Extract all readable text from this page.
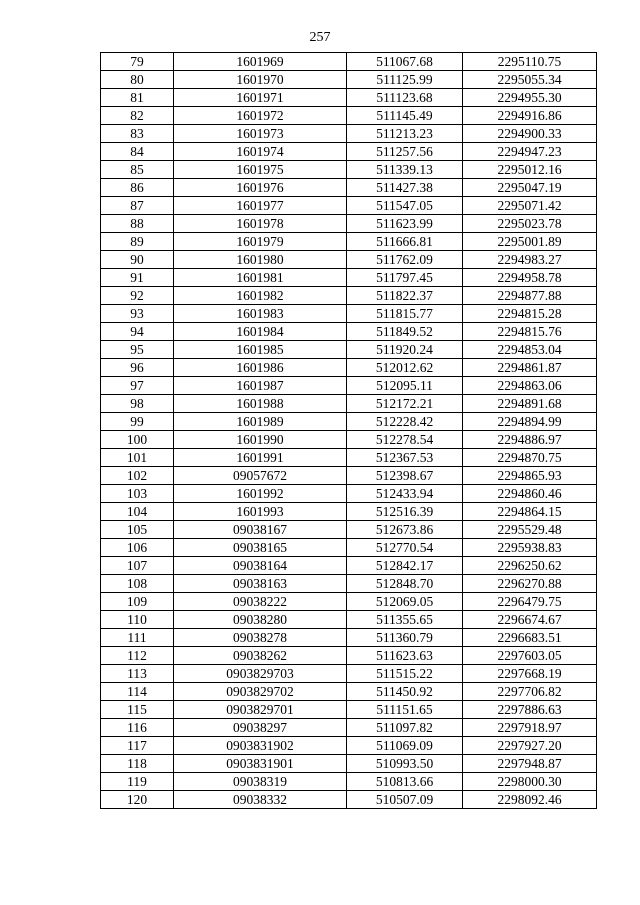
257
79	1601969	511067.68	2295110.75
80	1601970	511125.99	2295055.34
81	1601971	511123.68	2294955.30
82	1601972	511145.49	2294916.86
83	1601973	511213.23	2294900.33
84	1601974	511257.56	2294947.23
85	1601975	511339.13	2295012.16
86	1601976	511427.38	2295047.19
87	1601977	511547.05	2295071.42
88	1601978	511623.99	2295023.78
89	1601979	511666.81	2295001.89
90	1601980	511762.09	2294983.27
91	1601981	511797.45	2294958.78
92	1601982	511822.37	2294877.88
93	1601983	511815.77	2294815.28
94	1601984	511849.52	2294815.76
95	1601985	511920.24	2294853.04
96	1601986	512012.62	2294861.87
97	1601987	512095.11	2294863.06
98	1601988	512172.21	2294891.68
99	1601989	512228.42	2294894.99
100	1601990	512278.54	2294886.97
101	1601991	512367.53	2294870.75
102	09057672	512398.67	2294865.93
103	1601992	512433.94	2294860.46
104	1601993	512516.39	2294864.15
105	09038167	512673.86	2295529.48
106	09038165	512770.54	2295938.83
107	09038164	512842.17	2296250.62
108	09038163	512848.70	2296270.88
109	09038222	512069.05	2296479.75
110	09038280	511355.65	2296674.67
111	09038278	511360.79	2296683.51
112	09038262	511623.63	2297603.05
113	0903829703	511515.22	2297668.19
114	0903829702	511450.92	2297706.82
115	0903829701	511151.65	2297886.63
116	09038297	511097.82	2297918.97
117	0903831902	511069.09	2297927.20
118	0903831901	510993.50	2297948.87
119	09038319	510813.66	2298000.30
120	09038332	510507.09	2298092.46
